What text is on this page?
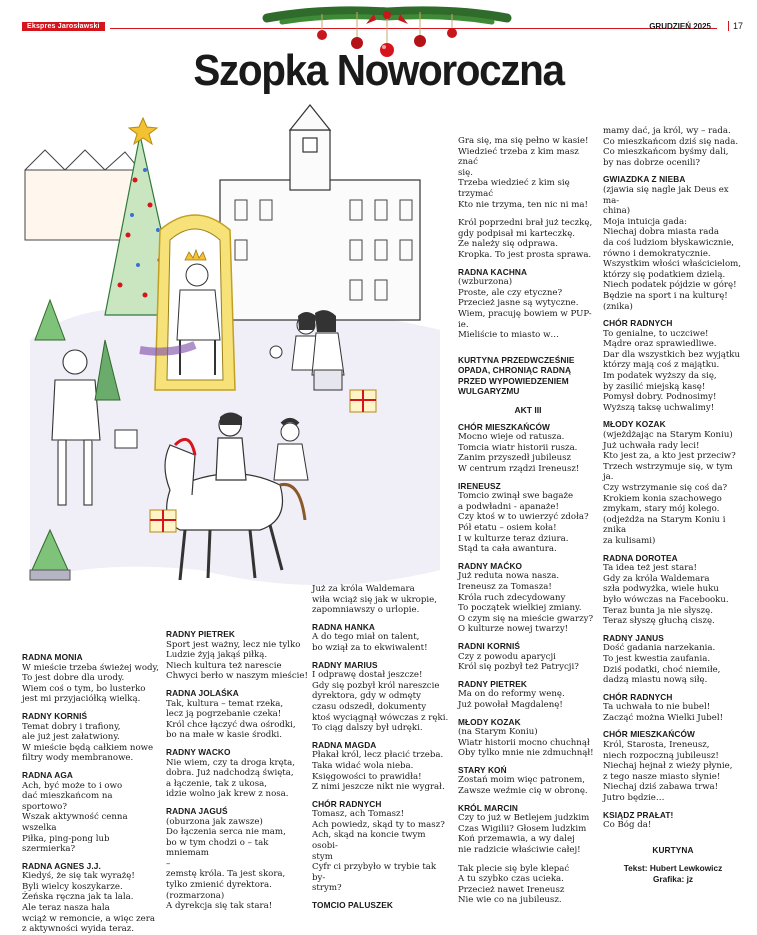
Ekspres Jarosławski	GRUDZIEŃ 2025	17
Szopka Noworoczna

RADNA MONIA

W mieście trzeba świeżej wody,
To jest dobre dla urody.
Wiem coś o tym, bo lusterko
jest mi przyjaciółką wielką.

RADNY KORNIŚ

Temat dobry i trafiony,
ale już jest załatwiony.
W mieście będą całkiem nowe
filtry wody membranowe.

RADNA AGA

Ach, być może to i owo
dać mieszkańcom na sportowo?
Wszak aktywność cenna wszelka
Piłka, ping-pong lub szermierka?

RADNA AGNES J.J.

Kiedyś, że się tak wyrażę!
Byli wielcy koszykarze.
Żeńska ręczna jak ta lala.
Ale teraz nasza hala
wciąż w remoncie, a więc zera
z aktywności wyida teraz.

RADNY PIETREK

Sport jest ważny, lecz nie tylko
Ludzie żyją jakąś piłką.
Niech kultura też narescie
Chwyci berło w naszym mieście!

RADNA JOLAŚKA

Tak, kultura – temat rzeka,
lecz ją pogrzebanie czeka!
Król chce łączyć dwa ośrodki,
bo na małe w kasie środki.

RADNY WACKO

Nie wiem, czy ta droga kręta,
dobra. Już nadchodzą święta,
a łączenie, tak z ukosa,
idzie wolno jak krew z nosa.

RADNA JAGUŚ

(oburzona jak zawsze)
Do łączenia serca nie mam,
bo w tym chodzi o – tak mniemam
–
zemstę króla. Ta jest skora,
tylko zmienić dyrektora.
(rozmarzona)
A dyrekcja się tak stara!

Już za króla Waldemara
wiła wciąż się jak w ukropie,
zapomniawszy o urlopie.

RADNA HANKA

A do tego miał on talent,
bo wziął za to ekwiwalent!

RADNY MARIUS

I odprawę dostał jeszcze!
Gdy się pozbył król nareszcie
dyrektora, gdy w odmęty
czasu odszedł, dokumenty
ktoś wyciągnął wówczas z ręki.
To ciąg dalszy był udręki.

RADNA MAGDA

Płakał król, lecz płacić trzeba.
Taka widać wola nieba.
Księgowości to prawidła!
Z nimi jeszcze nikt nie wygrał.

CHÓR RADNYCH

Tomasz, ach Tomasz!
Ach powiedz, skąd ty to masz?
Ach, skąd na koncie twym osobi-
stym
Cyfr ci przybyło w trybie tak by-
strym?

TOMCIO PALUSZEK

Gra się, ma się pełno w kasie!
Wiedzieć trzeba z kim masz znać
się.
Trzeba wiedzieć z kim się trzymać
Kto nie trzyma, ten nic ni ma!

Król poprzedni brał już teczkę,
gdy podpisał mi karteczkę.
Że należy się odprawa.
Kropka. To jest prosta sprawa.

RADNA KACHNA

(wzburzona)
Proste, ale czy etyczne?
Przecież jasne są wytyczne.
Wiem, pracuję bowiem w PUP-ie.
Mieliście to miasto w…

KURTYNA PRZEDWCZEŚNIE
OPADA, CHRONIĄC RADNĄ
PRZED WYPOWIEDZENIEM
WULGARYZMU

AKT III

CHÓR MIESZKAŃCÓW

Mocno wieje od ratusza.
Tomcia wiatr historii rusza.
Zanim przyszedł jubileusz
W centrum rządzi Ireneusz!

IRENEUSZ

Tomcio zwinął swe bagaże
a podwładni - apanaże!
Czy ktoś w to uwierzyć zdoła?
Pół etatu – osiem koła!
I w kulturze teraz dziura.
Stąd ta cała awantura.

RADNY MAĆKO

Już reduta nowa nasza.
Ireneusz za Tomasza!
Króla ruch zdecydowany
To początek wielkiej zmiany.
O czym się na mieście gwarzy?
O kulturze nowej twarzy!

RADNI KORNIŚ

Czy z powodu aparycji
Król się pozbył też Patrycji?

RADNY PIETREK

Ma on do reformy wenę.
Już powołał Magdalenę!

MŁODY KOZAK

(na Starym Koniu)
Wiatr historii mocno chuchnął
Oby tylko mnie nie zdmuchnął!

STARY KOŃ

Zostań moim więc patronem,
Zawsze weźmie cię w obronę.

KRÓL MARCIN

Czy to już w Betlejem judzkim
Czas Wigilii? Głosem ludzkim
Koń przemawia, a wy dalej
nie radzicie właściwie całej!

Tak plecie się byle klepać
A tu szybko czas ucieka.
Przecież nawet Ireneusz
Nie wie co na jubileusz.

mamy dać, ja król, wy – rada.
Co mieszkańcom dziś się nada.
Co mieszkańcom byśmy dali,
by nas dobrze ocenili?

GWIAZDKA Z NIEBA

(zjawia się nagle jak Deus ex ma-
china)
Moja intuicja gada:
Niechaj dobra miasta rada
da coś ludziom błyskawicznie,
równo i demokratycznie.
Wszystkim włości właścicielom,
którzy się podatkiem dzielą.
Niech podatek pójdzie w górę!
Będzie na sport i na kulturę!
(znika)

CHÓR RADNYCH

To genialne, to uczciwe!
Mądre oraz sprawiedliwe.
Dar dla wszystkich bez wyjątku
którzy mają coś z majątku.
Im podatek wyższy da się,
by zasilić miejską kasę!
Pomysł dobry. Podnosimy!
Wyższą taksę uchwalimy!

MŁODY KOZAK

(wjeżdżając na Starym Koniu)
Już uchwała rady leci!
Kto jest za, a kto jest przeciw?
Trzech wstrzymuje się, w tym ja.
Czy wstrzymanie się coś da?
Krokiem konia szachowego
zmykam, stary mój kolego.
(odjeżdża na Starym Koniu i znika
za kulisami)

RADNA DOROTEA

Ta idea też jest stara!
Gdy za króla Waldemara
szła podwyżka, wiele huku
było wówczas na Facebooku.
Teraz bunta ja nie słyszę.
Teraz słyszę głuchą ciszę.

RADNY JANUS

Dość gadania narzekania.
To jest kwestia zaufania.
Dziś podatki, choć niemiłe,
dadzą miastu nową siłę.

CHÓR RADNYCH

Ta uchwała to nie bubel!
Zacząć można Wielki Jubel!

CHÓR MIESZKAŃCÓW

Król, Starosta, Ireneusz,
niech rozpoczną jubileusz!
Niechaj hejnał z wieży płynie,
z tego nasze miasto słynie!
Niechaj dziś zabawa trwa!
Jutro będzie…

KSIĄDZ PRAŁAT!

Co Bóg da!

KURTYNA

Tekst: Hubert Lewkowicz

Grafika: jz
